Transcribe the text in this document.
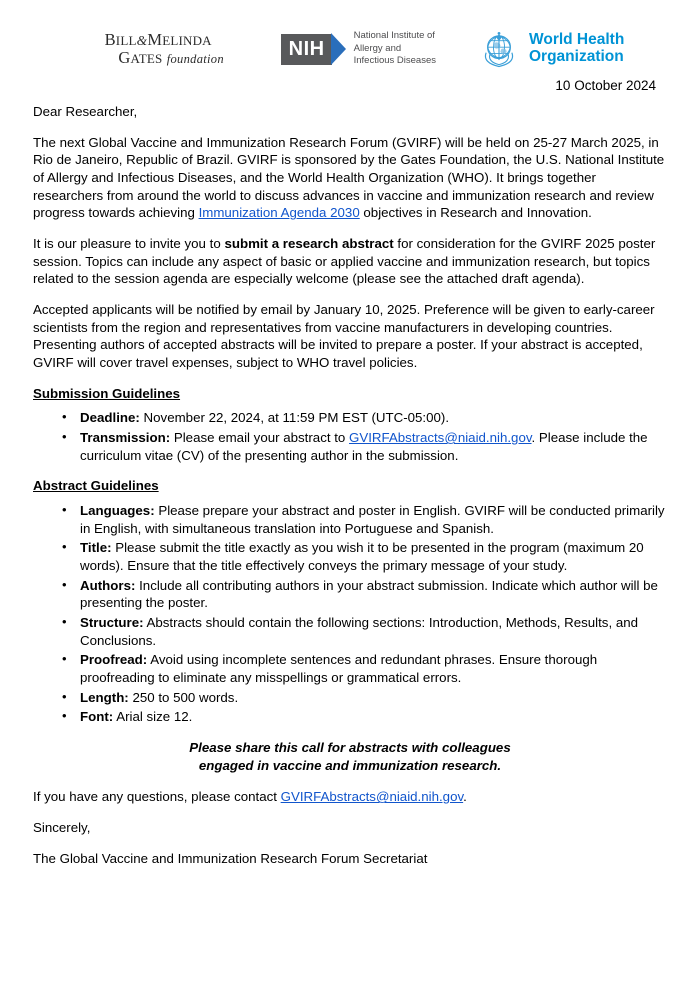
BILL&MELINDA
GATES foundation	NIH
National Institute of
Allergy and
Infectious Diseases
World Health
Organization
10 October 2024

Dear Researcher,

The next Global Vaccine and Immunization Research Forum (GVIRF) will be held on 25-27 March 2025, in Rio de Janeiro, Republic of Brazil. GVIRF is sponsored by the Gates Foundation, the U.S. National Institute of Allergy and Infectious Diseases, and the World Health Organization (WHO). It brings together researchers from around the world to discuss advances in vaccine and immunization research and review progress towards achieving Immunization Agenda 2030 objectives in Research and Innovation.

It is our pleasure to invite you to submit a research abstract for consideration for the GVIRF 2025 poster session. Topics can include any aspect of basic or applied vaccine and immunization research, but topics related to the session agenda are especially welcome (please see the attached draft agenda).

Accepted applicants will be notified by email by January 10, 2025. Preference will be given to early-career scientists from the region and representatives from vaccine manufacturers in developing countries. Presenting authors of accepted abstracts will be invited to prepare a poster. If your abstract is accepted, GVIRF will cover travel expenses, subject to WHO travel policies.

Submission Guidelines
• Deadline: November 22, 2024, at 11:59 PM EST (UTC-05:00).
• Transmission: Please email your abstract to GVIRFAbstracts@niaid.nih.gov. Please include the curriculum vitae (CV) of the presenting author in the submission.
Abstract Guidelines
• Languages: Please prepare your abstract and poster in English. GVIRF will be conducted primarily in English, with simultaneous translation into Portuguese and Spanish.
• Title: Please submit the title exactly as you wish it to be presented in the program (maximum 20 words). Ensure that the title effectively conveys the primary message of your study.
• Authors: Include all contributing authors in your abstract submission. Indicate which author will be presenting the poster.
• Structure: Abstracts should contain the following sections: Introduction, Methods, Results, and Conclusions.
• Proofread: Avoid using incomplete sentences and redundant phrases. Ensure thorough proofreading to eliminate any misspellings or grammatical errors.
• Length: 250 to 500 words.
• Font: Arial size 12.
Please share this call for abstracts with colleagues
engaged in vaccine and immunization research.

If you have any questions, please contact GVIRFAbstracts@niaid.nih.gov.

Sincerely,

The Global Vaccine and Immunization Research Forum Secretariat
